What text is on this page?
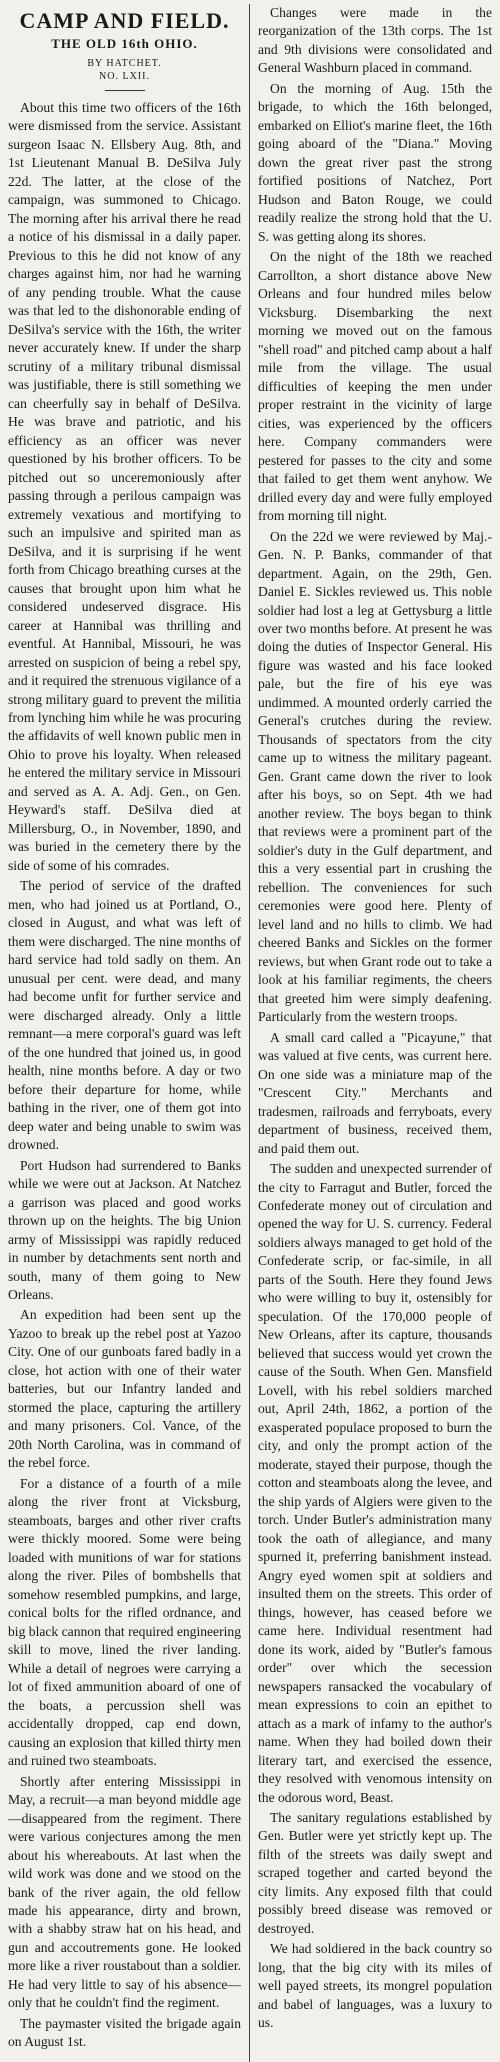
CAMP AND FIELD.
THE OLD 16th OHIO.
BY HATCHET.
NO. LXII.

About this time two officers of the 16th were dismissed from the service. Assistant surgeon Isaac N. Ellsbery Aug. 8th, and 1st Lieutenant Manual B. DeSilva July 22d. The latter, at the close of the campaign, was summoned to Chicago. The morning after his arrival there he read a notice of his dismissal in a daily paper. Previous to this he did not know of any charges against him, nor had he warning of any pending trouble. What the cause was that led to the dishonorable ending of DeSilva's service with the 16th, the writer never accurately knew. If under the sharp scrutiny of a military tribunal dismissal was justifiable, there is still something we can cheerfully say in behalf of DeSilva. He was brave and patriotic, and his efficiency as an officer was never questioned by his brother officers. To be pitched out so unceremoniously after passing through a perilous campaign was extremely vexatious and mortifying to such an impulsive and spirited man as DeSilva, and it is surprising if he went forth from Chicago breathing curses at the causes that brought upon him what he considered undeserved disgrace. His career at Hannibal was thrilling and eventful. At Hannibal, Missouri, he was arrested on suspicion of being a rebel spy, and it required the strenuous vigilance of a strong military guard to prevent the militia from lynching him while he was procuring the affidavits of well known public men in Ohio to prove his loyalty. When released he entered the military service in Missouri and served as A. A. Adj. Gen., on Gen. Heyward's staff. DeSilva died at Millersburg, O., in November, 1890, and was buried in the cemetery there by the side of some of his comrades.

The period of service of the drafted men, who had joined us at Portland, O., closed in August, and what was left of them were discharged. The nine months of hard service had told sadly on them. An unusual per cent. were dead, and many had become unfit for further service and were discharged already. Only a little remnant—a mere corporal's guard was left of the one hundred that joined us, in good health, nine months before. A day or two before their departure for home, while bathing in the river, one of them got into deep water and being unable to swim was drowned.

Port Hudson had surrendered to Banks while we were out at Jackson. At Natchez a garrison was placed and good works thrown up on the heights. The big Union army of Mississippi was rapidly reduced in number by detachments sent north and south, many of them going to New Orleans.

An expedition had been sent up the Yazoo to break up the rebel post at Yazoo City. One of our gunboats fared badly in a close, hot action with one of their water batteries, but our Infantry landed and stormed the place, capturing the artillery and many prisoners. Col. Vance, of the 20th North Carolina, was in command of the rebel force.

For a distance of a fourth of a mile along the river front at Vicksburg, steamboats, barges and other river crafts were thickly moored. Some were being loaded with munitions of war for stations along the river. Piles of bombshells that somehow resembled pumpkins, and large, conical bolts for the rifled ordnance, and big black cannon that required engineering skill to move, lined the river landing. While a detail of negroes were carrying a lot of fixed ammunition aboard of one of the boats, a percussion shell was accidentally dropped, cap end down, causing an explosion that killed thirty men and ruined two steamboats.

Shortly after entering Mississippi in May, a recruit—a man beyond middle age—disappeared from the regiment. There were various conjectures among the men about his whereabouts. At last when the wild work was done and we stood on the bank of the river again, the old fellow made his appearance, dirty and brown, with a shabby straw hat on his head, and gun and accoutrements gone. He looked more like a river roustabout than a soldier. He had very little to say of his absence—only that he couldn't find the regiment.

The paymaster visited the brigade again on August 1st.

Changes were made in the reorganization of the 13th corps. The 1st and 9th divisions were consolidated and General Washburn placed in command.

On the morning of Aug. 15th the brigade, to which the 16th belonged, embarked on Elliot's marine fleet, the 16th going aboard of the "Diana." Moving down the great river past the strong fortified positions of Natchez, Port Hudson and Baton Rouge, we could readily realize the strong hold that the U. S. was getting along its shores.

On the night of the 18th we reached Carrollton, a short distance above New Orleans and four hundred miles below Vicksburg. Disembarking the next morning we moved out on the famous "shell road" and pitched camp about a half mile from the village. The usual difficulties of keeping the men under proper restraint in the vicinity of large cities, was experienced by the officers here. Company commanders were pestered for passes to the city and some that failed to get them went anyhow. We drilled every day and were fully employed from morning till night.

On the 22d we were reviewed by Maj.-Gen. N. P. Banks, commander of that department. Again, on the 29th, Gen. Daniel E. Sickles reviewed us. This noble soldier had lost a leg at Gettysburg a little over two months before. At present he was doing the duties of Inspector General. His figure was wasted and his face looked pale, but the fire of his eye was undimmed. A mounted orderly carried the General's crutches during the review. Thousands of spectators from the city came up to witness the military pageant. Gen. Grant came down the river to look after his boys, so on Sept. 4th we had another review. The boys began to think that reviews were a prominent part of the soldier's duty in the Gulf department, and this a very essential part in crushing the rebellion. The conveniences for such ceremonies were good here. Plenty of level land and no hills to climb. We had cheered Banks and Sickles on the former reviews, but when Grant rode out to take a look at his familiar regiments, the cheers that greeted him were simply deafening. Particularly from the western troops.

A small card called a "Picayune," that was valued at five cents, was current here. On one side was a miniature map of the "Crescent City." Merchants and tradesmen, railroads and ferryboats, every department of business, received them, and paid them out.

The sudden and unexpected surrender of the city to Farragut and Butler, forced the Confederate money out of circulation and opened the way for U. S. currency. Federal soldiers always managed to get hold of the Confederate scrip, or fac-simile, in all parts of the South. Here they found Jews who were willing to buy it, ostensibly for speculation. Of the 170,000 people of New Orleans, after its capture, thousands believed that success would yet crown the cause of the South. When Gen. Mansfield Lovell, with his rebel soldiers marched out, April 24th, 1862, a portion of the exasperated populace proposed to burn the city, and only the prompt action of the moderate, stayed their purpose, though the cotton and steamboats along the levee, and the ship yards of Algiers were given to the torch. Under Butler's administration many took the oath of allegiance, and many spurned it, preferring banishment instead. Angry eyed women spit at soldiers and insulted them on the streets. This order of things, however, has ceased before we came here. Individual resentment had done its work, aided by "Butler's famous order" over which the secession newspapers ransacked the vocabulary of mean expressions to coin an epithet to attach as a mark of infamy to the author's name. When they had boiled down their literary tart, and exercised the essence, they resolved with venomous intensity on the odorous word, Beast.

The sanitary regulations established by Gen. Butler were yet strictly kept up. The filth of the streets was daily swept and scraped together and carted beyond the city limits. Any exposed filth that could possibly breed disease was removed or destroyed.

We had soldiered in the back country so long, that the big city with its miles of well payed streets, its mongrel population and babel of languages, was a luxury to us.
